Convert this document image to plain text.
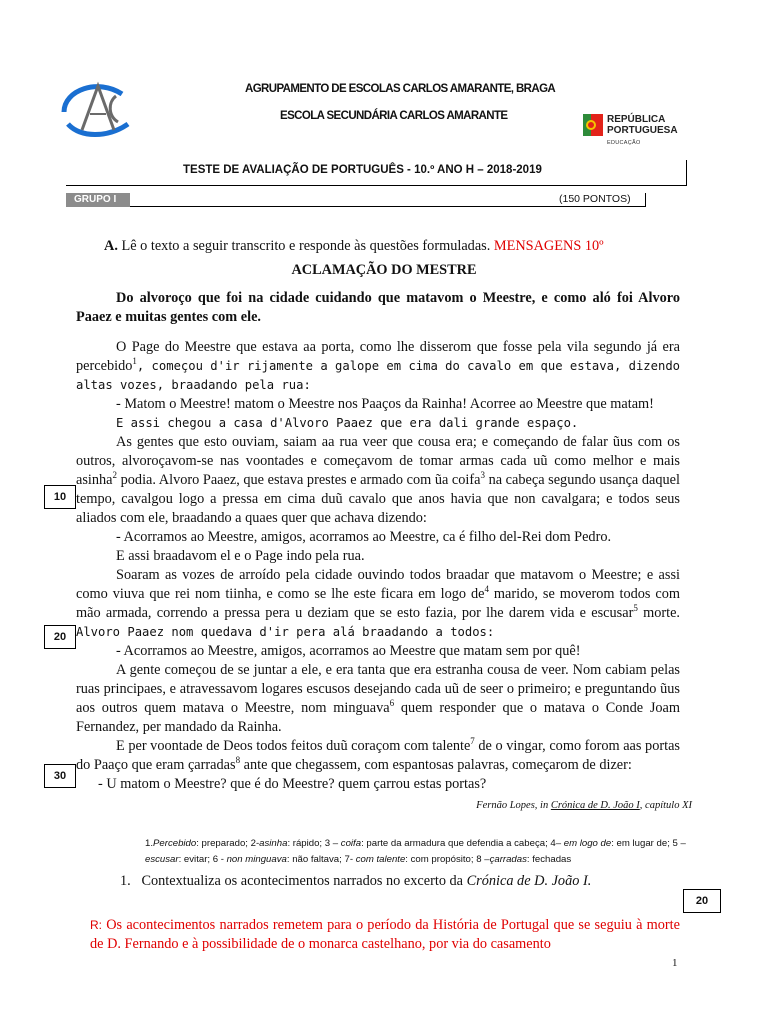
AGRUPAMENTO DE ESCOLAS CARLOS AMARANTE, BRAGA
ESCOLA SECUNDÁRIA CARLOS AMARANTE	REPÚBLICA
PORTUGUESA
EDUCAÇÃO
TESTE DE AVALIAÇÃO DE PORTUGUÊS - 10.º ANO H – 2018-2019
GRUPO I	(150 PONTOS)
A. Lê o texto a seguir transcrito e responde às questões formuladas. MENSAGENS 10º
ACLAMAÇÃO DO MESTRE

Do alvoroço que foi na cidade cuidando que matavom o Meestre, e como aló foi Alvoro Paaez e muitas gentes com ele.

O Page do Meestre que estava aa porta, como lhe disserom que fosse pela vila segundo já era percebido$^1$, começou d'ir rijamente a galope em cima do cavalo em que estava, dizendo altas vozes, braadando pela rua:

- Matom o Meestre! matom o Meestre nos Paaços da Rainha! Acorree ao Meestre que matam!

E assi chegou a casa d'Alvoro Paaez que era dali grande espaço.

As gentes que esto ouviam, saiam aa rua veer que cousa era; e começando de falar ũus com os outros, alvoroçavom-se nas voontades e começavom de tomar armas cada uũ como melhor e mais asinha$^2$ podia. Alvoro Paaez, que estava prestes e armado com ũa coifa$^3$ na cabeça segundo usança daquel tempo, cavalgou logo a pressa em cima duũ cavalo que anos havia que non cavalgara; e todos seus aliados com ele, braadando a quaes quer que achava dizendo:

- Acorramos ao Meestre, amigos, acorramos ao Meestre, ca é filho del-Rei dom Pedro.

E assi braadavom el e o Page indo pela rua.

Soaram as vozes de arroído pela cidade ouvindo todos braadar que matavom o Meestre; e assi como viuva que rei nom tiinha, e como se lhe este ficara em logo $de^4$ marido, se moverom todos com mão armada, correndo a pressa pera u deziam que se esto fazia, por lhe darem vida e escusar$^5$ morte. Alvoro Paaez nom quedava d'ir pera alá braadando a todos:

- Acorramos ao Meestre, amigos, acorramos ao Meestre que matam sem por quê!

A gente começou de se juntar a ele, e era tanta que era estranha cousa de veer. Nom cabiam pelas ruas principaes, e atravessavom logares escusos desejando cada uũ de seer o primeiro; e preguntando ũus aos outros quem matava o Meestre, nom minguava$^6$ quem responder que o matava o Conde Joam Fernandez, per mandado da Rainha.

E per voontade de Deos todos feitos duũ coraçom com talente$^7$ de o vingar, como forom aas portas do Paaço que eram çarradas$^8$ ante que chegassem, com espantosas palavras, começarom de dizer:

- U matom o Meestre? que é do Meestre? quem çarrou estas portas?

10
20
30
Fernão Lopes, in Crónica de D. João I, capítulo XI
1.Percebido: preparado; 2-asinha: rápido; 3 – coifa: parte da armadura que defendia a cabeça; 4– em logo de: em lugar de; 5 – escusar: evitar; 6 - non minguava: não faltava; 7- com talente: com propósito; 8 –çarradas: fechadas
1. Contextualiza os acontecimentos narrados no excerto da Crónica de D. João I.
20
R: Os acontecimentos narrados remetem para o período da História de Portugal que se seguiu à morte de D. Fernando e à possibilidade de o monarca castelhano, por via do casamento
1
